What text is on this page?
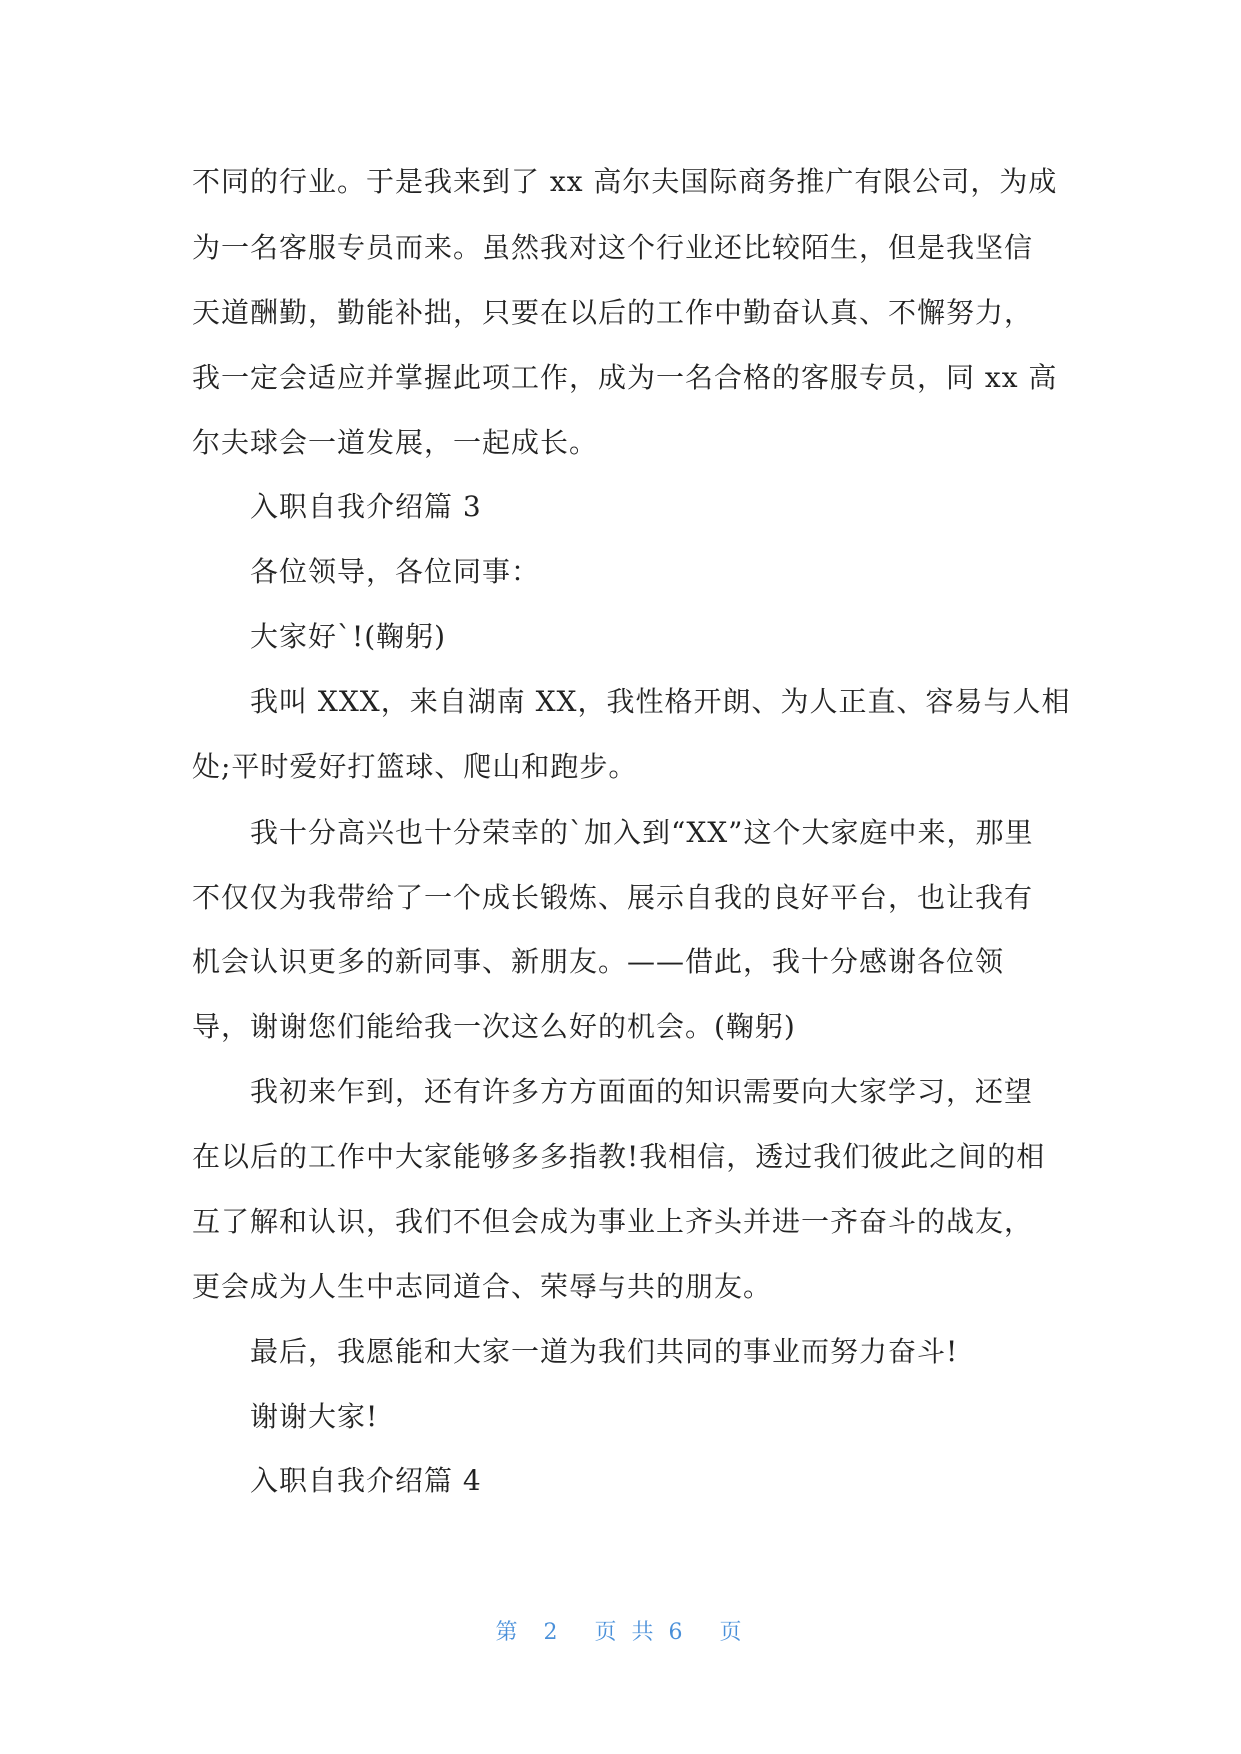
不同的行业。于是我来到了 xx 高尔夫国际商务推广有限公司，为成
为一名客服专员而来。虽然我对这个行业还比较陌生，但是我坚信
天道酬勤，勤能补拙，只要在以后的工作中勤奋认真、不懈努力，
我一定会适应并掌握此项工作，成为一名合格的客服专员，同 xx 高
尔夫球会一道发展，一起成长。
入职自我介绍篇 3
各位领导，各位同事：
大家好`!(鞠躬)
我叫 XXX，来自湖南 XX，我性格开朗、为人正直、容易与人相
处;平时爱好打篮球、爬山和跑步。
我十分高兴也十分荣幸的`加入到“XX”这个大家庭中来，那里
不仅仅为我带给了一个成长锻炼、展示自我的良好平台，也让我有
机会认识更多的新同事、新朋友。——借此，我十分感谢各位领
导，谢谢您们能给我一次这么好的机会。(鞠躬)
我初来乍到，还有许多方方面面的知识需要向大家学习，还望
在以后的工作中大家能够多多指教!我相信，透过我们彼此之间的相
互了解和认识，我们不但会成为事业上齐头并进一齐奋斗的战友，
更会成为人生中志同道合、荣辱与共的朋友。
最后，我愿能和大家一道为我们共同的事业而努力奋斗!
谢谢大家!
入职自我介绍篇 4
第  2   页 共 6   页
